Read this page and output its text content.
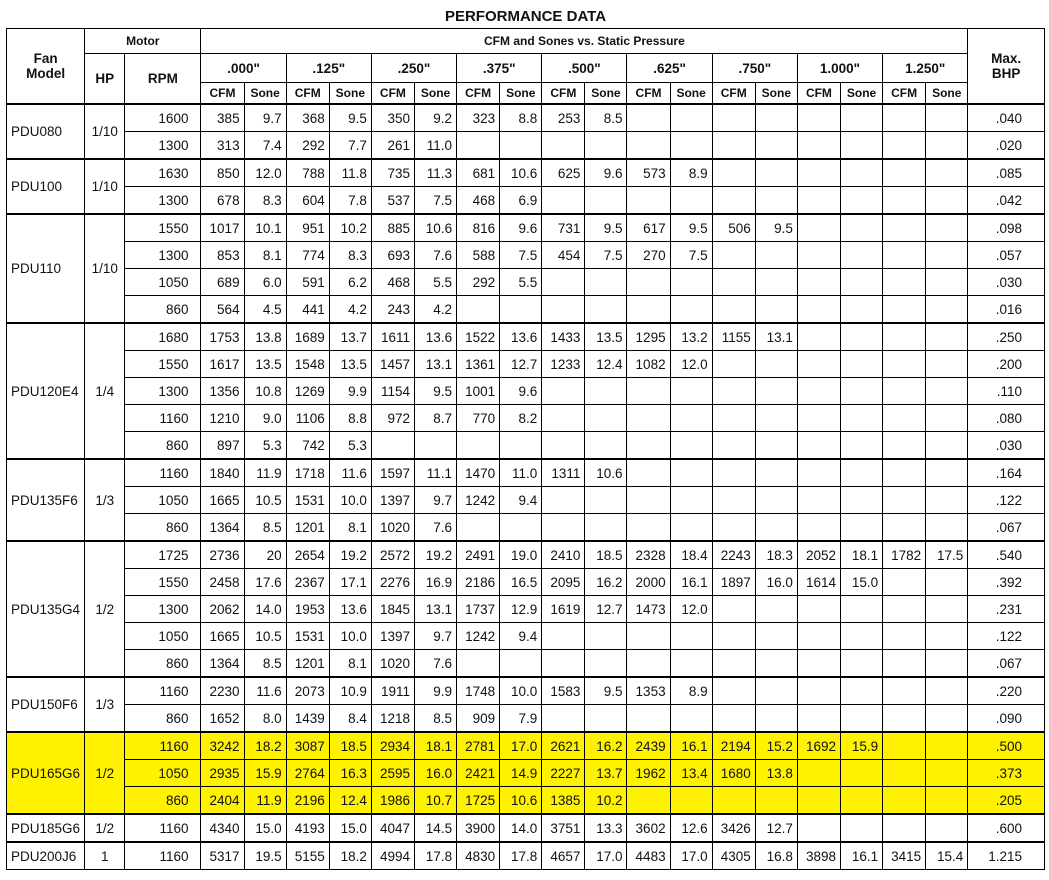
PERFORMANCE DATA																					
Fan
Model	Motor		CFM and Sones vs. Static Pressure																		Max.
BHP
	HP	RPM	.000"		.125"		.250"		.375"		.500"		.625"		.750"		1.000"		1.250"		
			CFM	Sone	CFM	Sone	CFM	Sone	CFM	Sone	CFM	Sone	CFM	Sone	CFM	Sone	CFM	Sone	CFM	Sone	
PDU080	1/10	1600	385	9.7	368	9.5	350	9.2	323	8.8	253	8.5									.040
		1300	313	7.4	292	7.7	261	11.0													.020
PDU100	1/10	1630	850	12.0	788	11.8	735	11.3	681	10.6	625	9.6	573	8.9							.085
		1300	678	8.3	604	7.8	537	7.5	468	6.9											.042
PDU110	1/10	1550	1017	10.1	951	10.2	885	10.6	816	9.6	731	9.5	617	9.5	506	9.5					.098
		1300	853	8.1	774	8.3	693	7.6	588	7.5	454	7.5	270	7.5							.057
		1050	689	6.0	591	6.2	468	5.5	292	5.5											.030
		860	564	4.5	441	4.2	243	4.2													.016
PDU120E4	1/4	1680	1753	13.8	1689	13.7	1611	13.6	1522	13.6	1433	13.5	1295	13.2	1155	13.1					.250
		1550	1617	13.5	1548	13.5	1457	13.1	1361	12.7	1233	12.4	1082	12.0							.200
		1300	1356	10.8	1269	9.9	1154	9.5	1001	9.6											.110
		1160	1210	9.0	1106	8.8	972	8.7	770	8.2											.080
		860	897	5.3	742	5.3															.030
PDU135F6	1/3	1160	1840	11.9	1718	11.6	1597	11.1	1470	11.0	1311	10.6									.164
		1050	1665	10.5	1531	10.0	1397	9.7	1242	9.4											.122
		860	1364	8.5	1201	8.1	1020	7.6													.067
PDU135G4	1/2	1725	2736	20	2654	19.2	2572	19.2	2491	19.0	2410	18.5	2328	18.4	2243	18.3	2052	18.1	1782	17.5	.540
		1550	2458	17.6	2367	17.1	2276	16.9	2186	16.5	2095	16.2	2000	16.1	1897	16.0	1614	15.0			.392
		1300	2062	14.0	1953	13.6	1845	13.1	1737	12.9	1619	12.7	1473	12.0							.231
		1050	1665	10.5	1531	10.0	1397	9.7	1242	9.4											.122
		860	1364	8.5	1201	8.1	1020	7.6													.067
PDU150F6	1/3	1160	2230	11.6	2073	10.9	1911	9.9	1748	10.0	1583	9.5	1353	8.9							.220
		860	1652	8.0	1439	8.4	1218	8.5	909	7.9											.090
PDU165G6	1/2	1160	3242	18.2	3087	18.5	2934	18.1	2781	17.0	2621	16.2	2439	16.1	2194	15.2	1692	15.9			.500
		1050	2935	15.9	2764	16.3	2595	16.0	2421	14.9	2227	13.7	1962	13.4	1680	13.8					.373
		860	2404	11.9	2196	12.4	1986	10.7	1725	10.6	1385	10.2									.205
PDU185G6	1/2	1160	4340	15.0	4193	15.0	4047	14.5	3900	14.0	3751	13.3	3602	12.6	3426	12.7					.600
PDU200J6	1	1160	5317	19.5	5155	18.2	4994	17.8	4830	17.8	4657	17.0	4483	17.0	4305	16.8	3898	16.1	3415	15.4	1.215
